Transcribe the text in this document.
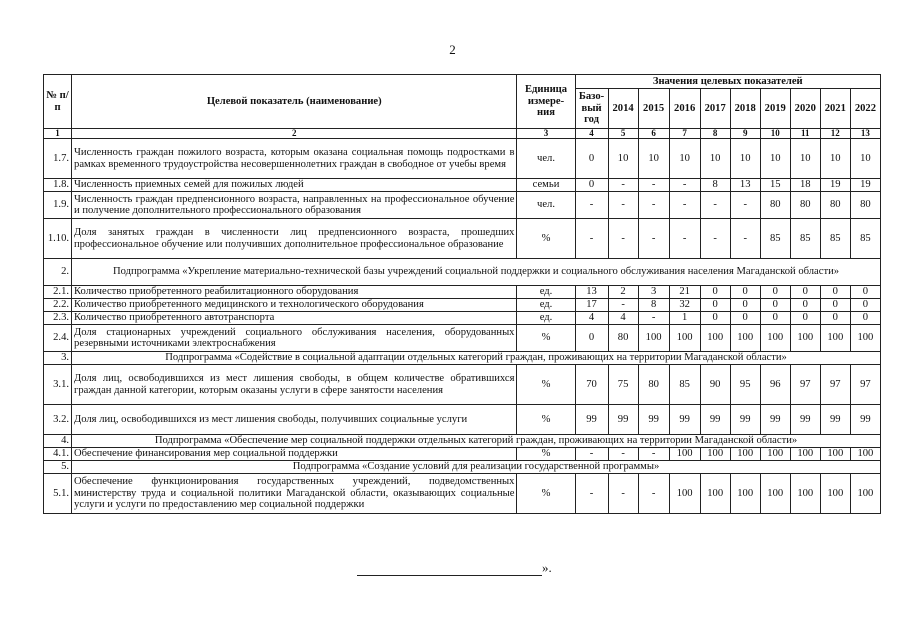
2
№ п/п	Целевой показатель (наименование)	Единица измере-ния	Значения целевых показателей									
			Базо-вый год	2014	2015	2016	2017	2018	2019	2020	2021	2022
1	2	3	4	5	6	7	8	9	10	11	12	13
1.7.	Численность граждан пожилого возраста, которым оказана социальная помощь подростками в рамках временного трудоустройства несовершеннолетних граждан в свободное от учебы время	чел.	0	10	10	10	10	10	10	10	10	10
1.8.	Численность приемных семей для пожилых людей	семьи	0	-	-	-	8	13	15	18	19	19
1.9.	Численность граждан предпенсионного возраста, направленных на профессиональное обучение и получение дополнительного профессионального образования	чел.	-	-	-	-	-	-	80	80	80	80
1.10.	Доля занятых граждан в численности лиц предпенсионного возраста, прошедших профессиональное обучение или получивших дополнительное профессиональное образование	%	-	-	-	-	-	-	85	85	85	85
2.	Подпрограмма «Укрепление материально-технической базы учреждений социальной поддержки и социального обслуживания населения Магаданской области»											
2.1.	Количество приобретенного реабилитационного оборудования	ед.	13	2	3	21	0	0	0	0	0	0
2.2.	Количество приобретенного медицинского и технологического оборудования	ед.	17	-	8	32	0	0	0	0	0	0
2.3.	Количество приобретенного автотранспорта	ед.	4	4	-	1	0	0	0	0	0	0
2.4.	Доля стационарных учреждений социального обслуживания населения, оборудованных резервными источниками электроснабжения	%	0	80	100	100	100	100	100	100	100	100
3.	Подпрограмма «Содействие в социальной адаптации отдельных категорий граждан, проживающих на территории Магаданской области»											
3.1.	Доля лиц, освободившихся из мест лишения свободы, в общем количестве обратившихся граждан данной категории, которым оказаны услуги в сфере занятости населения	%	70	75	80	85	90	95	96	97	97	97
3.2.	Доля лиц, освободившихся из мест лишения свободы, получивших социальные услуги	%	99	99	99	99	99	99	99	99	99	99
4.	Подпрограмма «Обеспечение мер социальной поддержки отдельных категорий граждан, проживающих на территории Магаданской области»											
4.1.	Обеспечение финансирования мер социальной поддержки	%	-	-	-	100	100	100	100	100	100	100
5.	Подпрограмма «Создание условий для реализации государственной программы»											
5.1.	Обеспечение функционирования государственных учреждений, подведомственных министерству труда и социальной политики Магаданской области, оказывающих социальные услуги и услуги по предоставлению мер социальной поддержки	%	-	-	-	100	100	100	100	100	100	100
».
